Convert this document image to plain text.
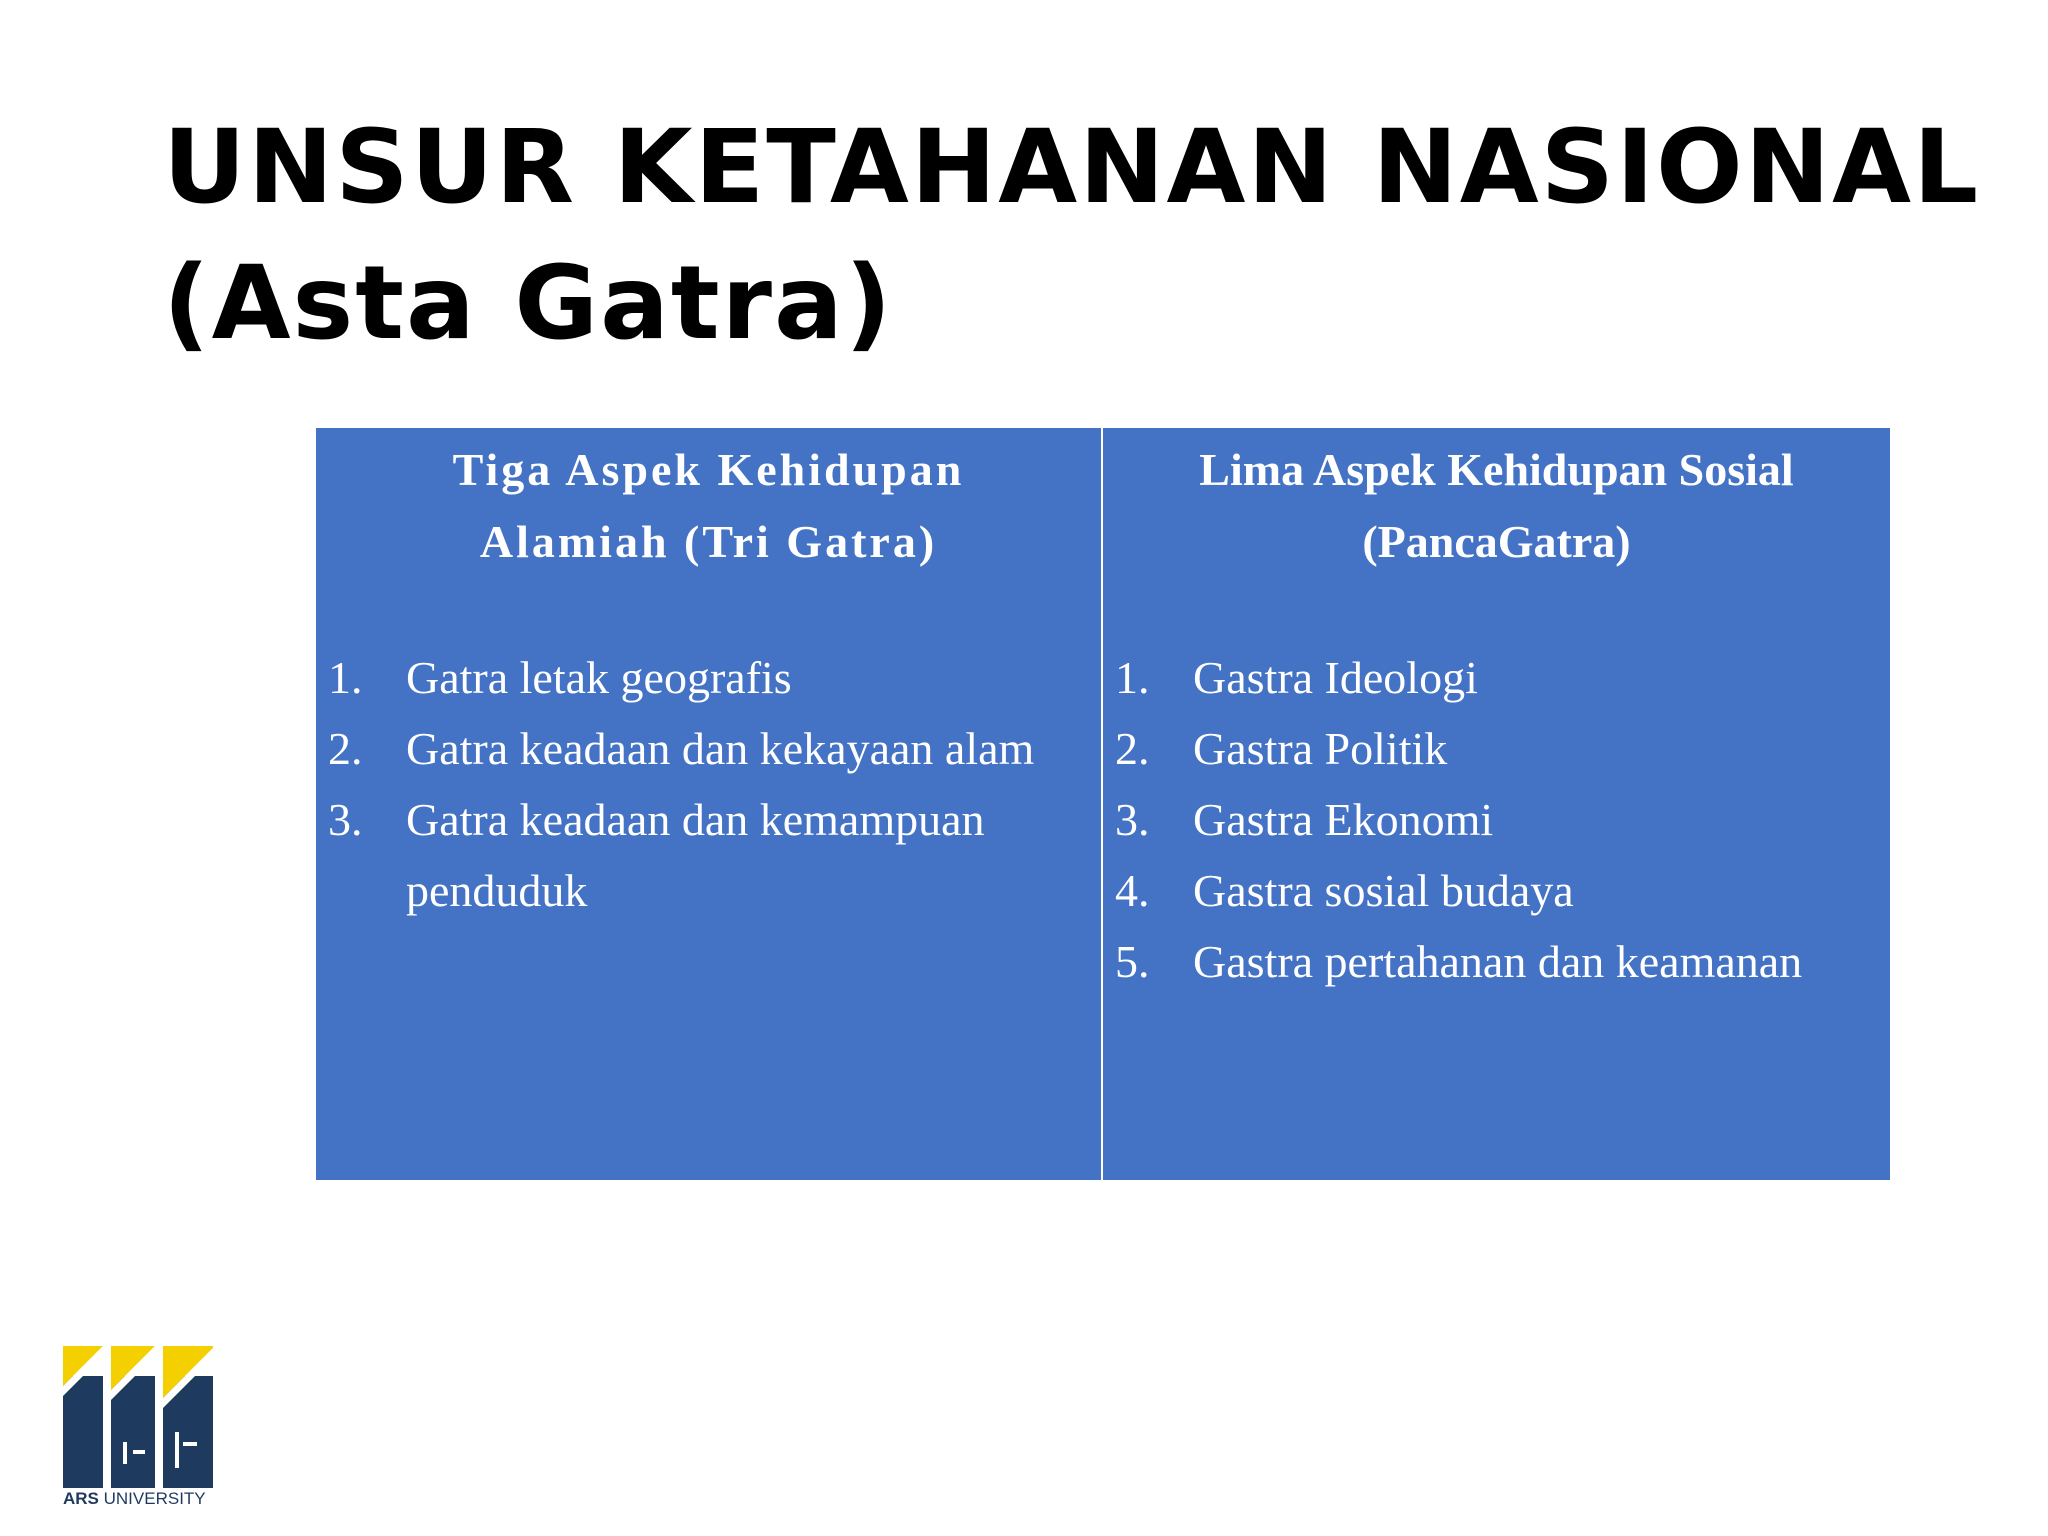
UNSUR KETAHANAN NASIONAL
(Asta Gatra)
Tiga Aspek Kehidupan
Alamiah (Tri Gatra)
1. Gatra letak geografis
2. Gatra keadaan dan kekayaan alam
3. Gatra keadaan dan kemampuan penduduk
Lima Aspek Kehidupan Sosial
(PancaGatra)
1. Gastra Ideologi
2. Gastra Politik
3. Gastra Ekonomi
4. Gastra sosial budaya
5. Gastra pertahanan dan keamanan
ARS UNIVERSITY
